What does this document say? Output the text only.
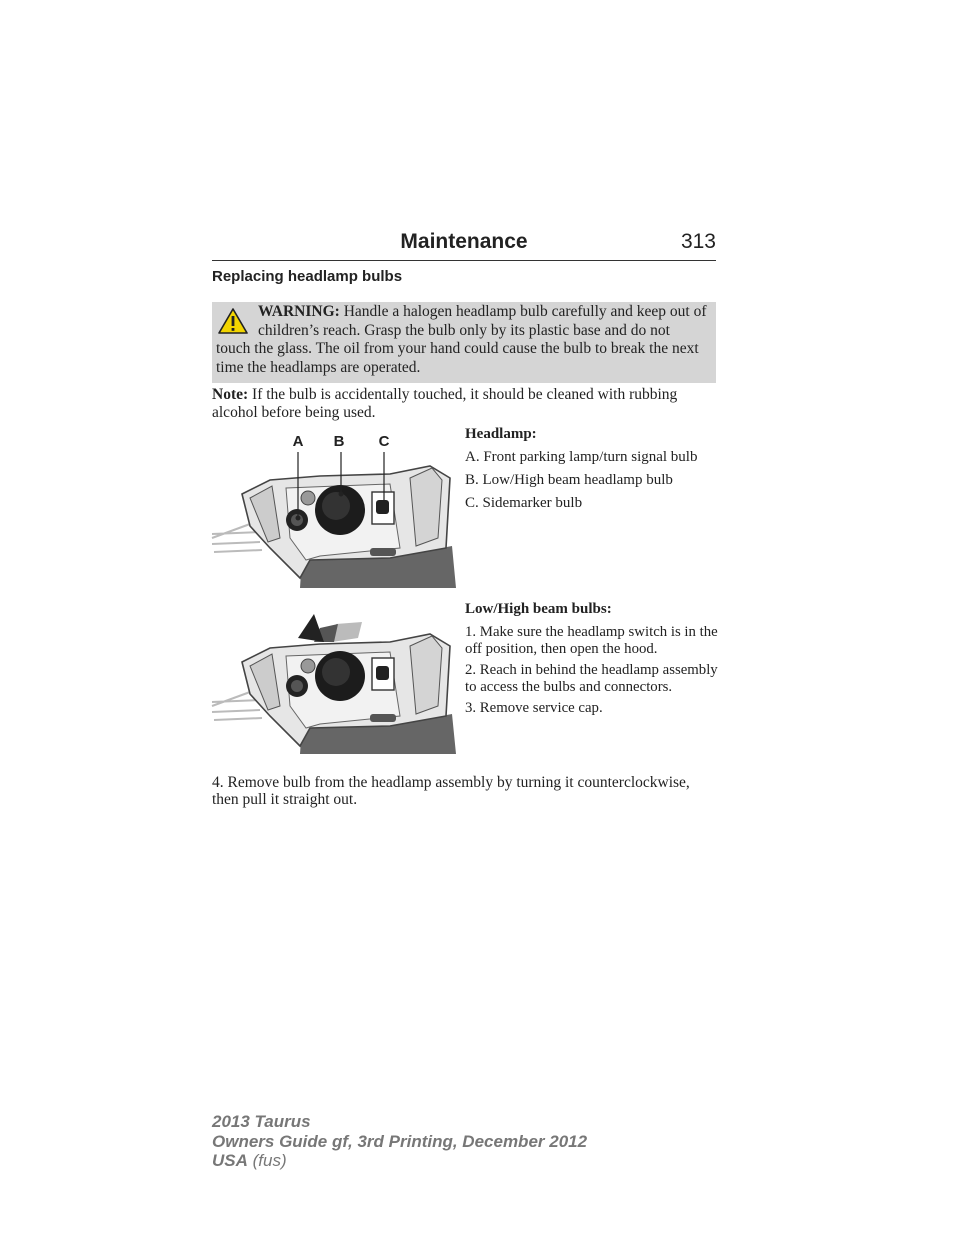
Maintenance	313
Replacing headlamp bulbs
WARNING: Handle a halogen headlamp bulb carefully and keep out of children’s reach. Grasp the bulb only by its plastic base and do not touch the glass. The oil from your hand could cause the bulb to break the next time the headlamps are operated.
Note: If the bulb is accidentally touched, it should be cleaned with rubbing alcohol before being used.
A B C	Headlamp:
A. Front parking lamp/turn signal bulb
B. Low/High beam headlamp bulb
C. Sidemarker bulb
Low/High beam bulbs:
1. Make sure the headlamp switch is in the off position, then open the hood.
2. Reach in behind the headlamp assembly to access the bulbs and connectors.
3. Remove service cap.
4. Remove bulb from the headlamp assembly by turning it counterclockwise, then pull it straight out.
2013 Taurus
Owners Guide gf, 3rd Printing, December 2012
USA (fus)
